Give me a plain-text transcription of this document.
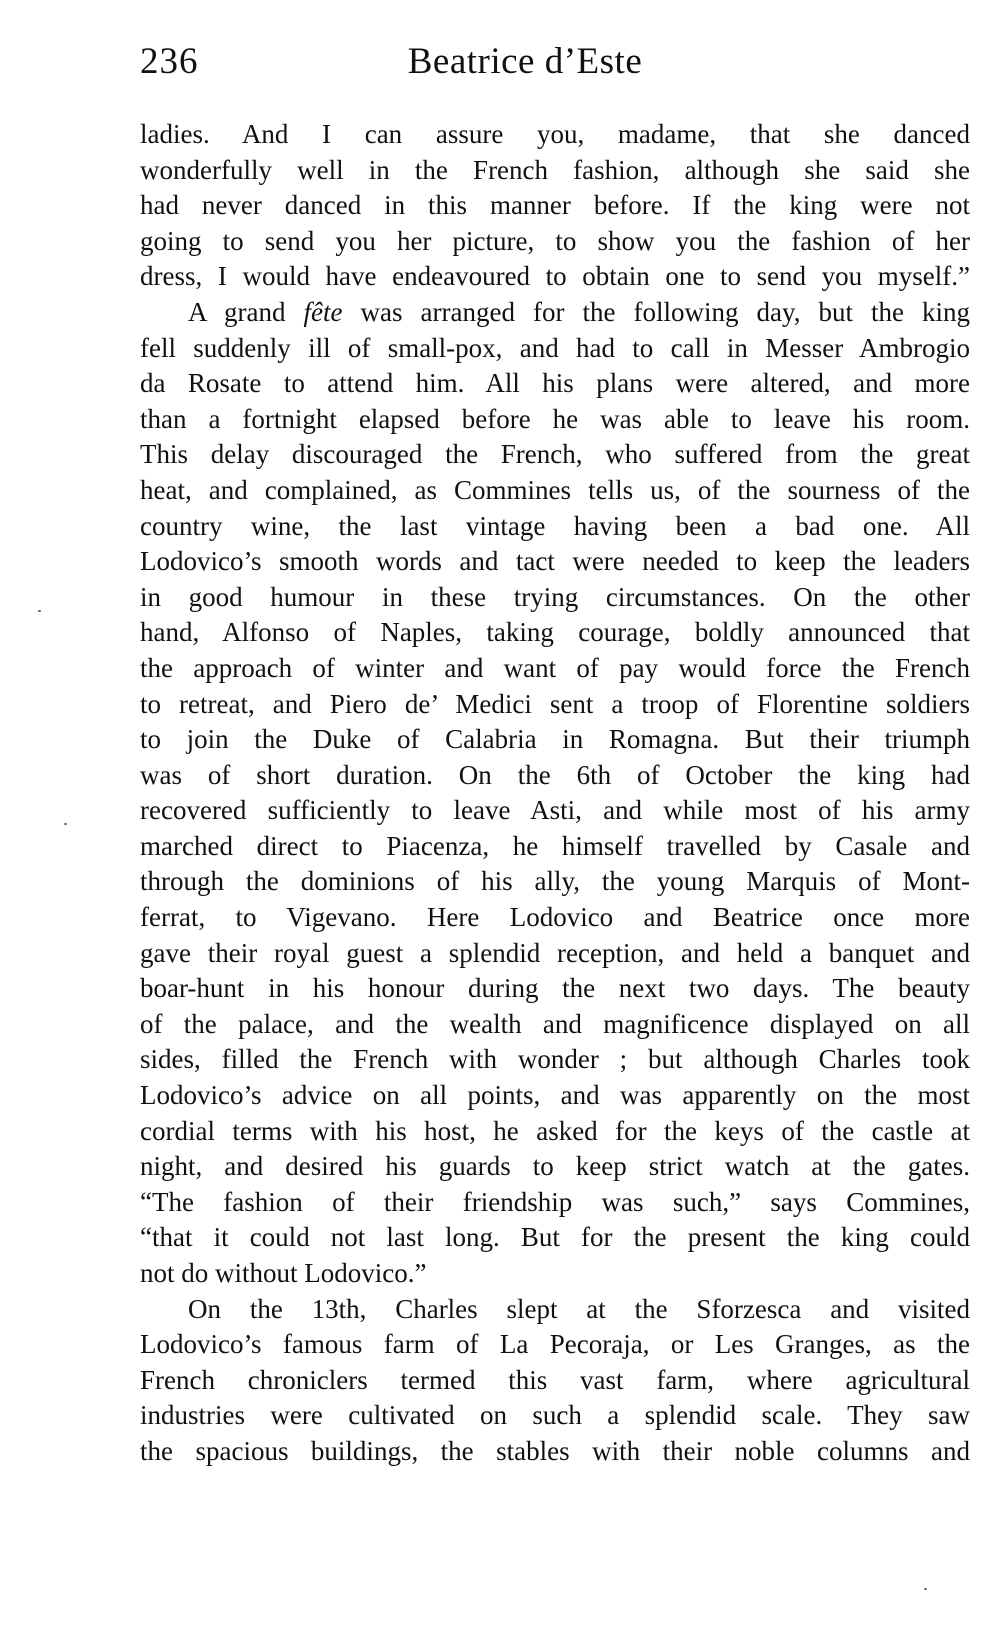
236	Beatrice d’Este
ladies. And I can assure you, madame, that she danced
wonderfully well in the French fashion, although she said she
had never danced in this manner before. If the king were not
going to send you her picture, to show you the fashion of her
dress, I would have endeavoured to obtain one to send you myself.”
A grand fête was arranged for the following day, but the king
fell suddenly ill of small-pox, and had to call in Messer Ambrogio
da Rosate to attend him. All his plans were altered, and more
than a fortnight elapsed before he was able to leave his room.
This delay discouraged the French, who suffered from the great
heat, and complained, as Commines tells us, of the sourness of the
country wine, the last vintage having been a bad one. All
Lodovico’s smooth words and tact were needed to keep the leaders
in good humour in these trying circumstances. On the other
hand, Alfonso of Naples, taking courage, boldly announced that
the approach of winter and want of pay would force the French
to retreat, and Piero de’ Medici sent a troop of Florentine soldiers
to join the Duke of Calabria in Romagna. But their triumph
was of short duration. On the 6th of October the king had
recovered sufficiently to leave Asti, and while most of his army
marched direct to Piacenza, he himself travelled by Casale and
through the dominions of his ally, the young Marquis of Mont-
ferrat, to Vigevano. Here Lodovico and Beatrice once more
gave their royal guest a splendid reception, and held a banquet and
boar-hunt in his honour during the next two days. The beauty
of the palace, and the wealth and magnificence displayed on all
sides, filled the French with wonder ; but although Charles took
Lodovico’s advice on all points, and was apparently on the most
cordial terms with his host, he asked for the keys of the castle at
night, and desired his guards to keep strict watch at the gates.
“The fashion of their friendship was such,” says Commines,
“that it could not last long. But for the present the king could
not do without Lodovico.”
On the 13th, Charles slept at the Sforzesca and visited
Lodovico’s famous farm of La Pecoraja, or Les Granges, as the
French chroniclers termed this vast farm, where agricultural
industries were cultivated on such a splendid scale. They saw
the spacious buildings, the stables with their noble columns and
